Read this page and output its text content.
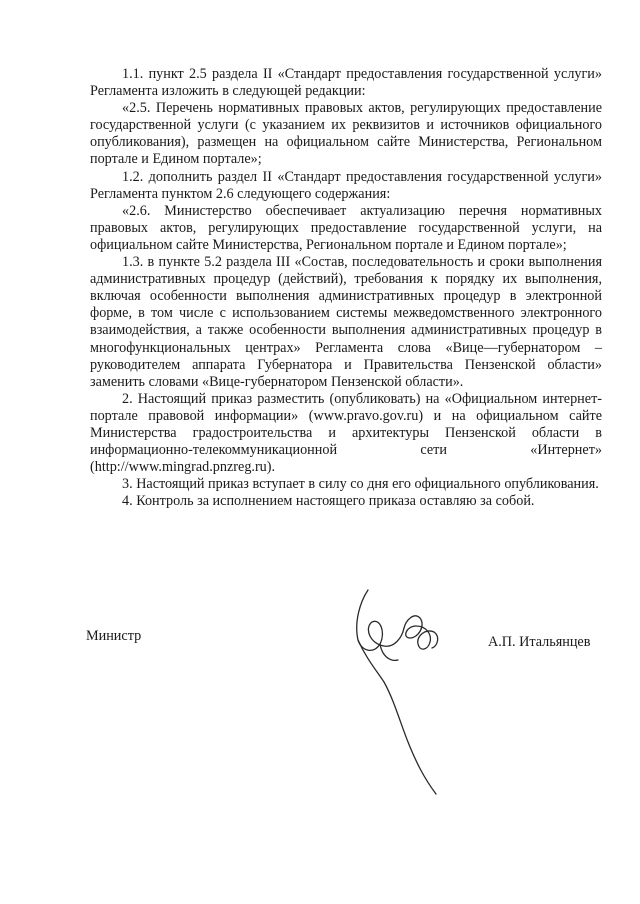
1.1. пункт 2.5 раздела II «Стандарт предоставления государственной услуги» Регламента изложить в следующей редакции:

«2.5. Перечень нормативных правовых актов, регулирующих предоставление государственной услуги (с указанием их реквизитов и источников официального опубликования), размещен на официальном сайте Министерства, Региональном портале и Едином портале»;

1.2. дополнить раздел II «Стандарт предоставления государственной услуги» Регламента пунктом 2.6 следующего содержания:

«2.6. Министерство обеспечивает актуализацию перечня нормативных правовых актов, регулирующих предоставление государственной услуги, на официальном сайте Министерства, Региональном портале и Едином портале»;

1.3. в пункте 5.2 раздела III «Состав, последовательность и сроки выполнения административных процедур (действий), требования к порядку их выполнения, включая особенности выполнения административных процедур в электронной форме, в том числе с использованием системы межведомственного электронного взаимодействия, а также особенности выполнения административных процедур в многофункциональных центрах» Регламента слова «Вице—губернатором – руководителем аппарата Губернатора и Правительства Пензенской области» заменить словами «Вице-губернатором Пензенской области».

2. Настоящий приказ разместить (опубликовать) на «Официальном интернет-портале правовой информации» (www.pravo.gov.ru) и на официальном сайте Министерства градостроительства и архитектуры Пензенской области в информационно-телекоммуникационной сети «Интернет» (http://www.mingrad.pnzreg.ru).

3. Настоящий приказ вступает в силу со дня его официального опубликования.

4. Контроль за исполнением настоящего приказа оставляю за собой.

Министр	А.П. Итальянцев
